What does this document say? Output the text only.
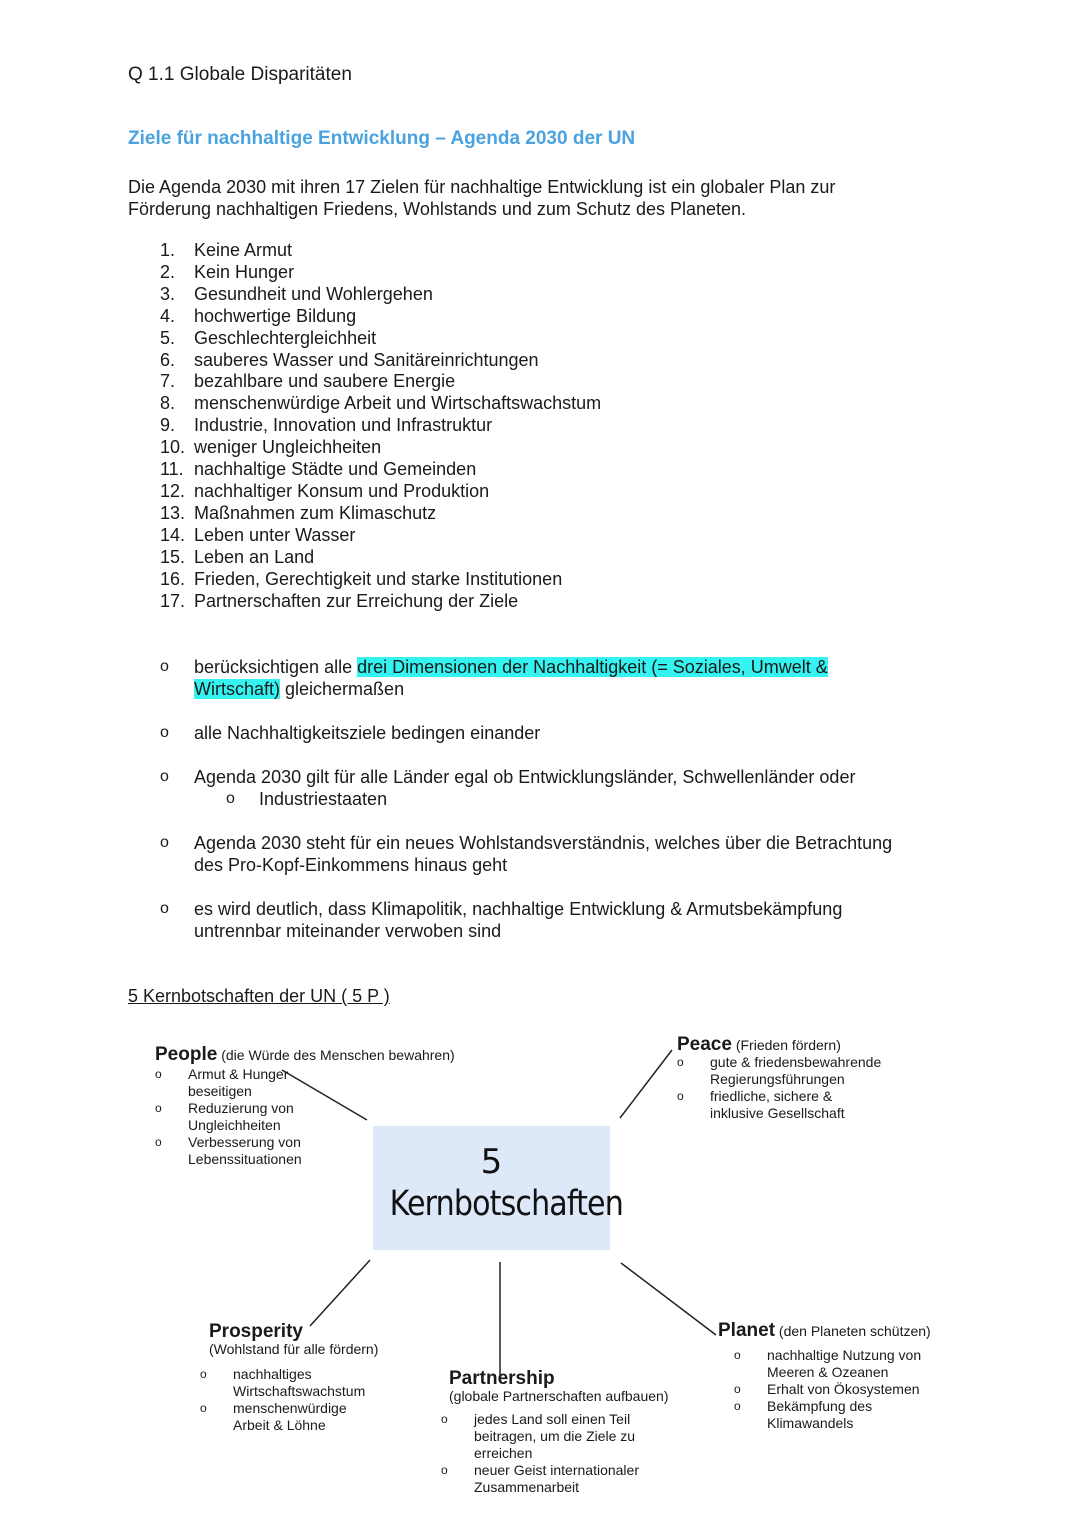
Q 1.1 Globale Disparitäten
Ziele für nachhaltige Entwicklung – Agenda 2030 der UN
Die Agenda 2030 mit ihren 17 Zielen für nachhaltige Entwicklung ist ein globaler Plan zur
Förderung nachhaltigen Friedens, Wohlstands und zum Schutz des Planeten.
1. Keine Armut
2. Kein Hunger
3. Gesundheit und Wohlergehen
4. hochwertige Bildung
5. Geschlechtergleichheit
6. sauberes Wasser und Sanitäreinrichtungen
7. bezahlbare und saubere Energie
8. menschenwürdige Arbeit und Wirtschaftswachstum
9. Industrie, Innovation und Infrastruktur
10. weniger Ungleichheiten
11. nachhaltige Städte und Gemeinden
12. nachhaltiger Konsum und Produktion
13. Maßnahmen zum Klimaschutz
14. Leben unter Wasser
15. Leben an Land
16. Frieden, Gerechtigkeit und starke Institutionen
17. Partnerschaften zur Erreichung der Ziele
o berücksichtigen alle drei Dimensionen der Nachhaltigkeit (= Soziales, Umwelt &
Wirtschaft) gleichermaßen
o alle Nachhaltigkeitsziele bedingen einander
o Agenda 2030 gilt für alle Länder egal ob Entwicklungsländer, Schwellenländer oder
o Industriestaaten
o Agenda 2030 steht für ein neues Wohlstandsverständnis, welches über die Betrachtung
des Pro-Kopf-Einkommens hinaus geht
o es wird deutlich, dass Klimapolitik, nachhaltige Entwicklung & Armutsbekämpfung
untrennbar miteinander verwoben sind
5 Kernbotschaften der UN ( 5 P )
5
Kernbotschaften
People (die Würde des Menschen bewahren)
o Armut & Hunger
beseitigen
o Reduzierung von
Ungleichheiten
o Verbesserung von
Lebenssituationen
Peace (Frieden fördern)
o gute & friedensbewahrende
Regierungsführungen
o friedliche, sichere &
inklusive Gesellschaft
Prosperity
(Wohlstand für alle fördern)
o nachhaltiges
Wirtschaftswachstum
o menschenwürdige
Arbeit & Löhne
Partnership
(globale Partnerschaften aufbauen)
o jedes Land soll einen Teil
beitragen, um die Ziele zu
erreichen
o neuer Geist internationaler
Zusammenarbeit
Planet (den Planeten schützen)
o nachhaltige Nutzung von
Meeren & Ozeanen
o Erhalt von Ökosystemen
o Bekämpfung des
Klimawandels
